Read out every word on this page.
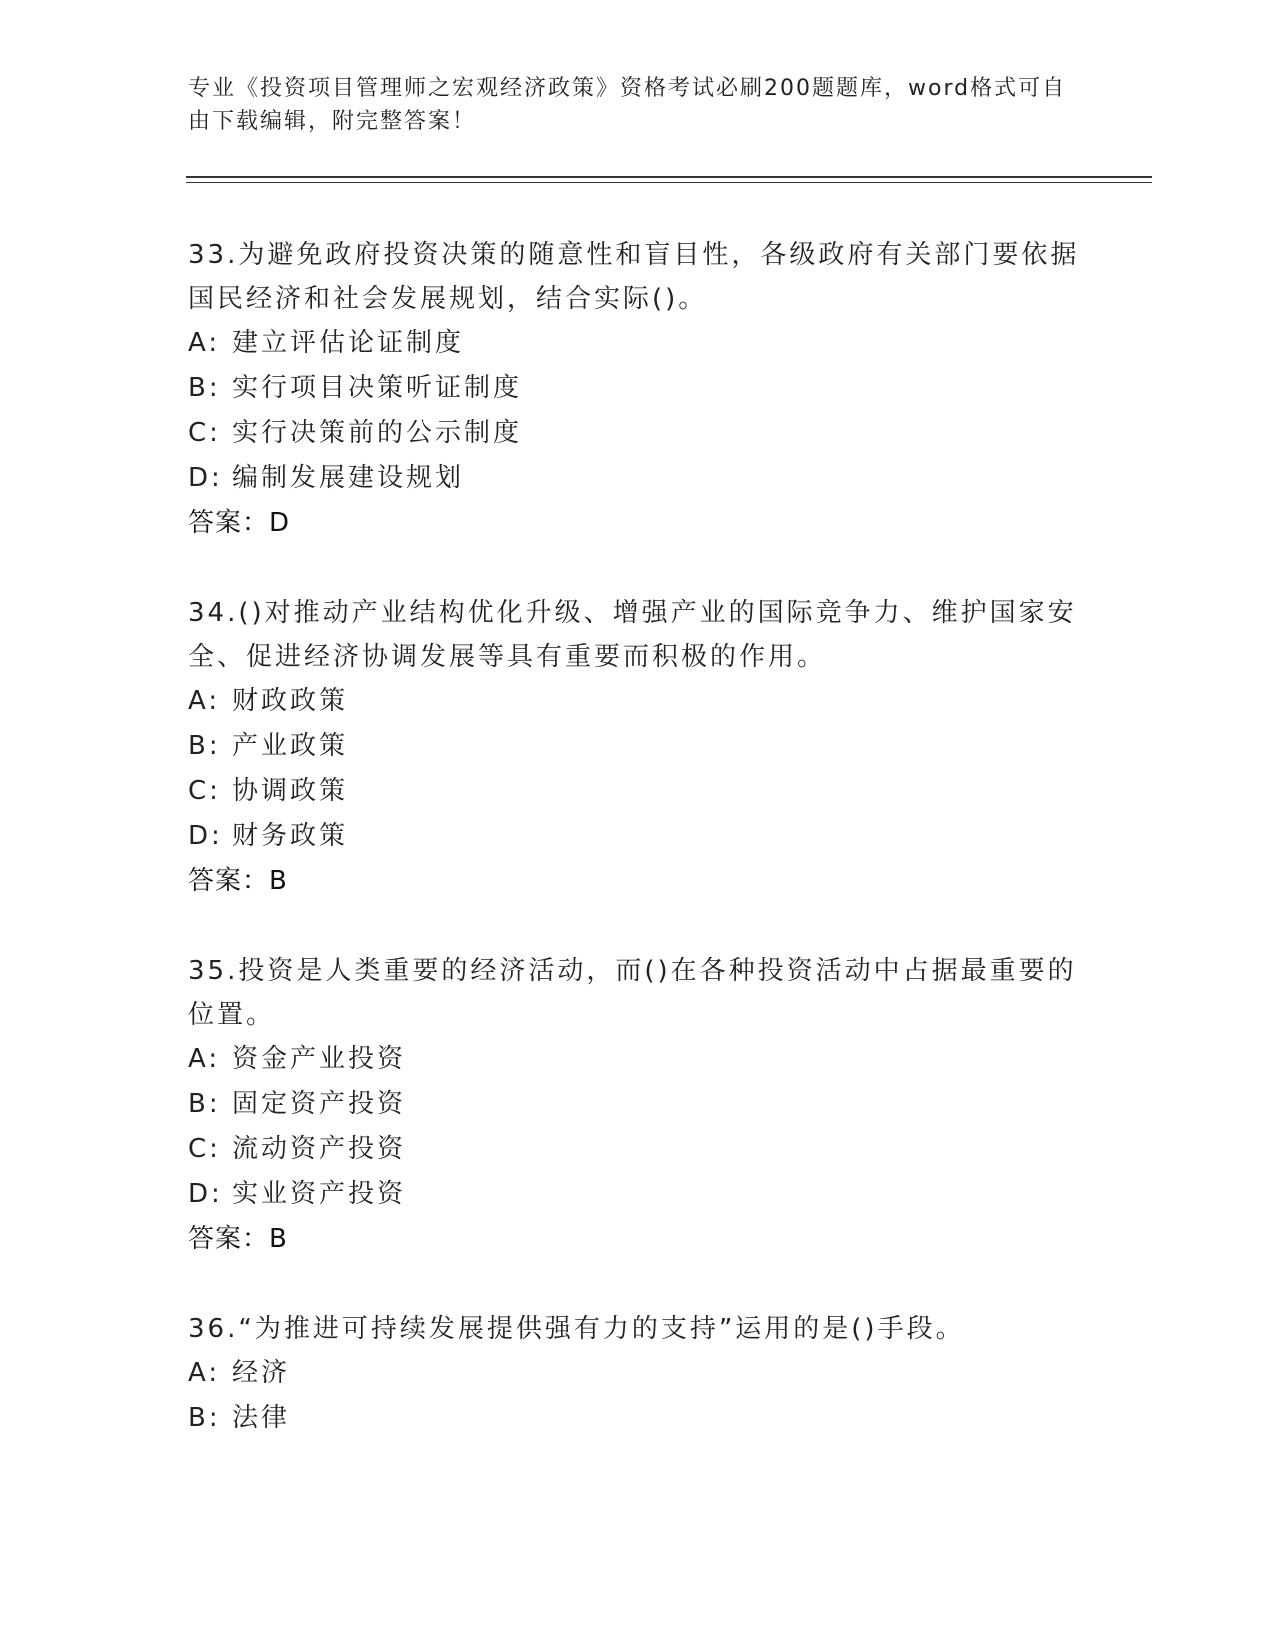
专业《投资项目管理师之宏观经济政策》资格考试必刷200题题库，word格式可自由下载编辑，附完整答案！

33.为避免政府投资决策的随意性和盲目性，各级政府有关部门要依据国民经济和社会发展规划，结合实际()。

A: 建立评估论证制度

B: 实行项目决策听证制度

C: 实行决策前的公示制度

D: 编制发展建设规划

答案：D

34.()对推动产业结构优化升级、增强产业的国际竞争力、维护国家安全、促进经济协调发展等具有重要而积极的作用。

A: 财政政策

B: 产业政策

C: 协调政策

D: 财务政策

答案：B

35.投资是人类重要的经济活动，而()在各种投资活动中占据最重要的位置。

A: 资金产业投资

B: 固定资产投资

C: 流动资产投资

D: 实业资产投资

答案：B

36.“为推进可持续发展提供强有力的支持”运用的是()手段。

A: 经济

B: 法律
